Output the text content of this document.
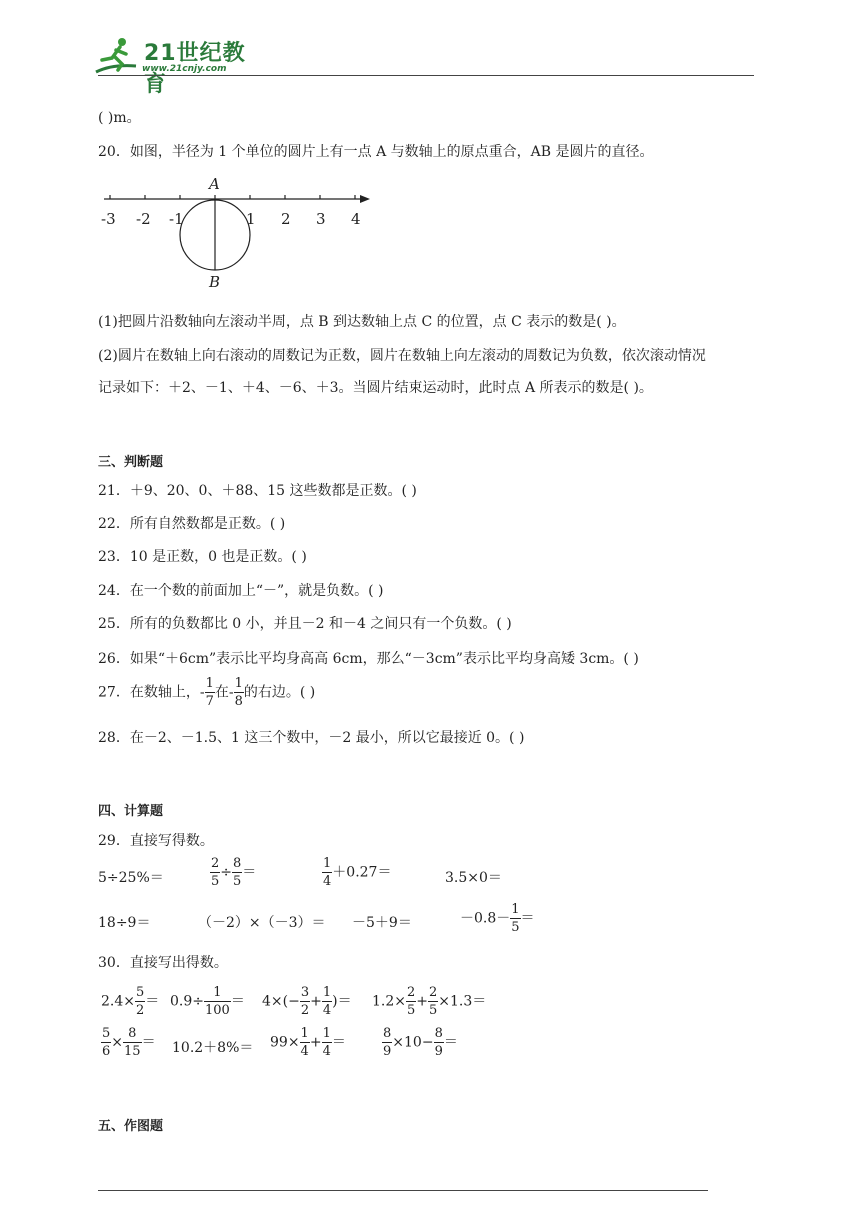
21世纪教育
www.21cnjy.com
( )m。
20．如图，半径为 1 个单位的圆片上有一点 A 与数轴上的原点重合，AB 是圆片的直径。
A
B
-3 -2 -1	1 2 3 4
(1)把圆片沿数轴向左滚动半周，点 B 到达数轴上点 C 的位置，点 C 表示的数是( )。
(2)圆片在数轴上向右滚动的周数记为正数，圆片在数轴上向左滚动的周数记为负数，依次滚动情况
记录如下：＋2、－1、＋4、－6、＋3。当圆片结束运动时，此时点 A 所表示的数是( )。
三、判断题
21．＋9、20、0、＋88、15 这些数都是正数。( )
22．所有自然数都是正数。( )
23．10 是正数，0 也是正数。( )
24．在一个数的前面加上“－”，就是负数。( )
25．所有的负数都比 0 小，并且－2 和－4 之间只有一个负数。( )
26．如果“＋6cm”表示比平均身高高 6cm，那么“－3cm”表示比平均身高矮 3cm。( )
27．在数轴上，- $\frac{1}{7}$ 在- $\frac{1}{8}$ 的右边。( )
28．在－2、－1.5、1 这三个数中，－2 最小，所以它最接近 0。( )
四、计算题
29．直接写得数。
5÷25%＝	$\frac{2}{5} \div \frac{8}{5}$ ＝	$\frac{1}{4} +0.27=$	3.5×0＝
18÷9＝	（－2）×（－3）＝ －5＋9＝	$-0.8- \frac{1}{5}$ ＝
30．直接写出得数。
$2.4\times \frac{5}{2} = 0.9\div \frac{1}{100} = 4\times(- \frac{3}{2} + \frac{1}{4}$ )＝ $1.2\times \frac{2}{5} + \frac{2}{5} \times 1.3=$
$\frac{5}{6} \times \frac{8}{15} = 10.2+8\%= 99\times \frac{1}{4} + \frac{1}{4}$ ＝	$\frac{8}{9} \times 10- \frac{8}{9}$ ＝
五、作图题
